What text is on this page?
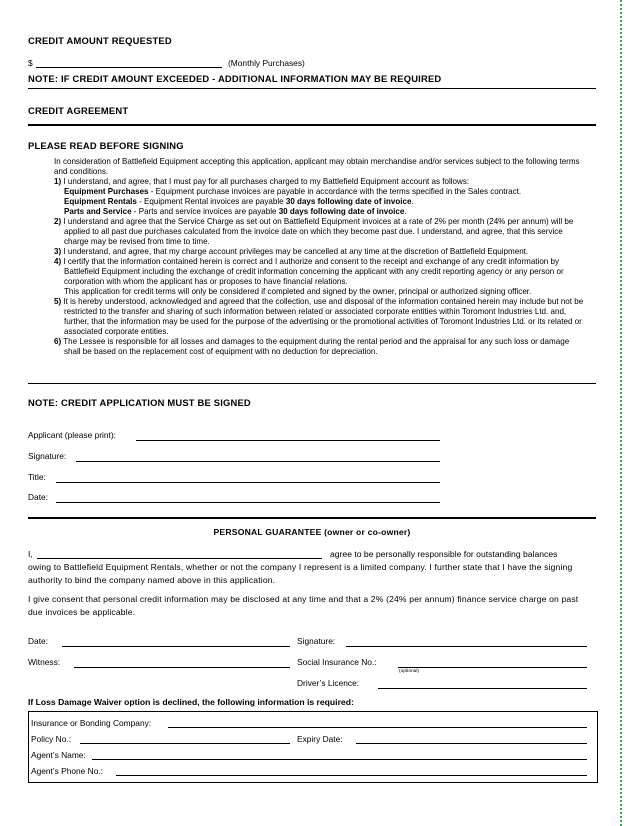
CREDIT AMOUNT REQUESTED
$	(Monthly Purchases)
NOTE: IF CREDIT AMOUNT EXCEEDED - ADDITIONAL INFORMATION MAY BE REQUIRED
CREDIT AGREEMENT
PLEASE READ BEFORE SIGNING

In consideration of Battlefield Equipment accepting this application, applicant may obtain merchandise and/or services subject to the following terms and conditions.

1) I understand, and agree, that I must pay for all purchases charged to my Battlefield Equipment account as follows:

Equipment Purchases - Equipment purchase invoices are payable in accordance with the terms specified in the Sales contract.

Equipment Rentals - Equipment Rental invoices are payable 30 days following date of invoice.

Parts and Service - Parts and service invoices are payable 30 days following date of invoice.

2) I understand and agree that the Service Charge as set out on Battlefield Equipment invoices at a rate of 2% per month (24% per annum) will be applied to all past due purchases calculated from the invoice date on which they become past due. I understand, and agree, that this service charge may be revised from time to time.

3) I understand, and agree, that my charge account privileges may be cancelled at any time at the discretion of Battlefield Equipment.

4) I certify that the information contained herein is correct and I authorize and consent to the receipt and exchange of any credit information by Battlefield Equipment including the exchange of credit information concerning the applicant with any credit reporting agency or any person or corporation with whom the applicant has or proposes to have financial relations.

This application for credit terms will only be considered if completed and signed by the owner, principal or authorized signing officer.

5) It is hereby understood, acknowledged and agreed that the collection, use and disposal of the information contained herein may include but not be restricted to the transfer and sharing of such information between related or associated corporate entities within Toromont Industries Ltd. and, further, that the information may be used for the purpose of the advertising or the promotional activities of Toromont Industries Ltd. or its related or associated corporate entities.

6) The Lessee is responsible for all losses and damages to the equipment during the rental period and the appraisal for any such loss or damage shall be based on the replacement cost of equipment with no deduction for depreciation.

NOTE: CREDIT APPLICATION MUST BE SIGNED
Applicant (please print):
Signature:
Title:
Date:
PERSONAL GUARANTEE (owner or co-owner)
I,	agree to be personally responsible for outstanding balances

owing to Battlefield Equipment Rentals, whether or not the company I represent is a limited company. I further state that I have the signing authority to bind the company named above in this application.

I give consent that personal credit information may be disclosed at any time and that a 2% (24% per annum) finance service charge on past due invoices be applicable.

Date:	Signature:
Witness:	Social Insurance No.:
(optional)
Driver’s Licence:
If Loss Damage Waiver option is declined, the following information is required:
Insurance or Bonding Company:
Policy No.:	Expiry Date:
Agent’s Name:
Agent’s Phone No.:
